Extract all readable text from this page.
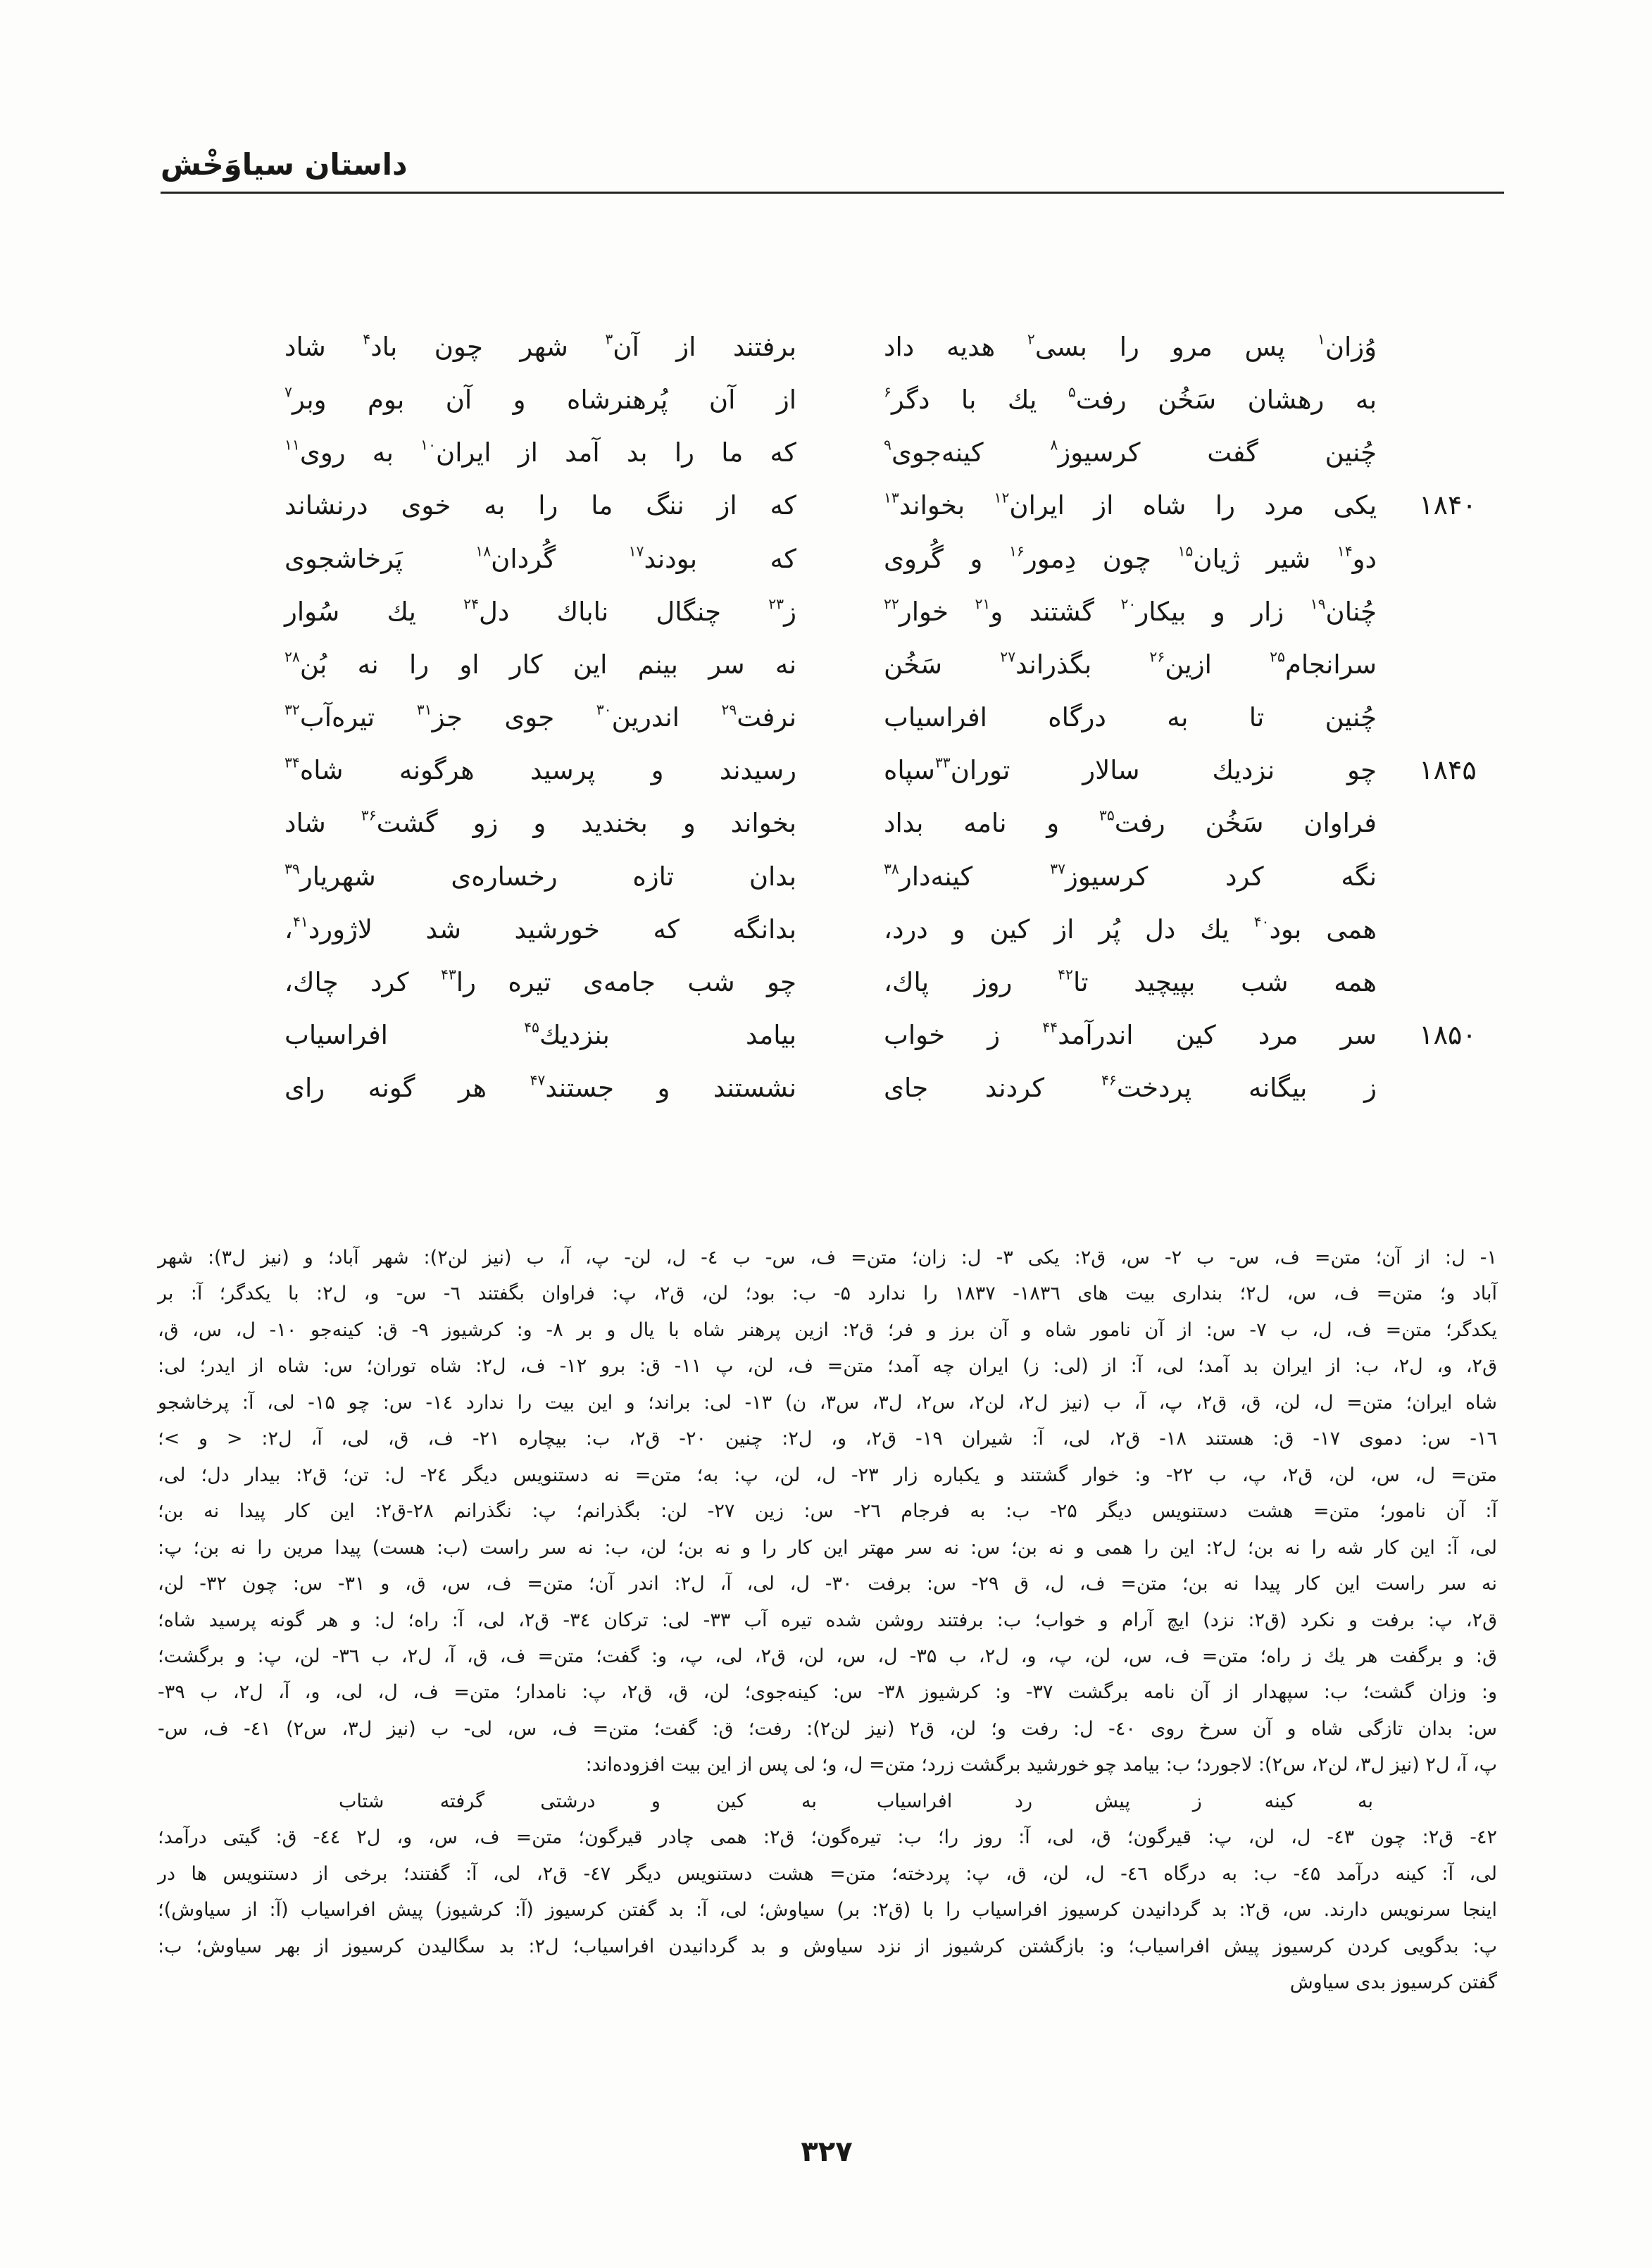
داستان سیاوَخْش
وُزان$^۱$ پس مرو را بسی$^۲$ هدیه داد
برفتند از آن$^۳$ شهر چون باد$^۴$ شاد
به رهشان سَخُن رفت$^۵$ یك با دگر$^۶$
از آن پُرهنرشاه و آن بوم وبر$^۷$
چُنین گفت کرسیوز$^۸$ کینه‌جوی$^۹$
که ما را بد آمد از ایران$^{۱۰}$ به روی$^{۱۱}$
۱۸۴۰
یکی مرد را شاه از ایران$^{۱۲}$ بخواند$^{۱۳}$
که از ننگ ما را به خوی درنشاند
دو$^{۱۴}$ شیر ژیان$^{۱۵}$ چون دِمور$^{۱۶}$ و گُروی
که بودند$^{۱۷}$ گُردان$^{۱۸}$ پَرخاشجوی
چُنان$^{۱۹}$ زار و بیکار$^{۲۰}$ گشتند و$^{۲۱}$ خوار$^{۲۲}$
ز$^{۲۳}$ چنگال ناباك دل$^{۲۴}$ یك سُوار
سرانجام$^{۲۵}$ ازین$^{۲۶}$ بگذراند$^{۲۷}$ سَخُن
نه سر بینم این کار او را نه بُن$^{۲۸}$
چُنین تا به درگاه افراسیاب
نرفت$^{۲۹}$ اندرین$^{۳۰}$ جوی جز$^{۳۱}$ تیره‌آب$^{۳۲}$
۱۸۴۵
چو نزدیك سالار توران$^{۳۳}$سپاه
رسیدند و پرسید هرگونه شاه$^{۳۴}$
فراوان سَخُن رفت$^{۳۵}$ و نامه بداد
بخواند و بخندید و زو گشت$^{۳۶}$ شاد
نگه کرد کرسیوز$^{۳۷}$ کینه‌دار$^{۳۸}$
بدان تازه رخساره‌ی شهریار$^{۳۹}$
همی بود$^{۴۰}$ یك دل پُر از کین و درد،
بدانگه که خورشید شد لاژورد$^{۴۱}$،
همه شب بپیچید تا$^{۴۲}$ روز پاك،
چو شب جامه‌ی تیره را$^{۴۳}$ کرد چاك،
۱۸۵۰
سر مرد کین اندرآمد$^{۴۴}$ ز خواب
بیامد بنزدیك$^{۴۵}$ افراسیاب
ز بیگانه پردخت$^{۴۶}$ کردند جای
نشستند و جستند$^{۴۷}$ هر گونه رای
۱- ل: از آن؛ متن= ف، س- ب ۲- س، ق۲: یکی ۳- ل: زان؛ متن= ف، س- ب ٤- ل، لن- پ، آ، ب (نیز لن۲): شهر آباد؛ و (نیز ل۳): شهر
آباد و؛ متن= ف، س، ل۲؛ بنداری بیت های ۱۸۳٦- ۱۸۳۷ را ندارد ۵- ب: بود؛ لن، ق۲، پ: فراوان بگفتند ٦- س- و، ل۲: با یکدگر؛ آ: بر
یکدگر؛ متن= ف، ل، ب ۷- س: از آن نامور شاه و آن برز و فر؛ ق۲: ازین پرهنر شاه با یال و بر ۸- و: کرشیوز ۹- ق: کینه‌جو ۱۰- ل، س، ق،
ق۲، و، ل۲، ب: از ایران بد آمد؛ لی، آ: از (لی: ز) ایران چه آمد؛ متن= ف، لن، پ ۱۱- ق: برو ۱۲- ف، ل۲: شاه توران؛ س: شاه از ایدر؛ لی:
شاه ایران؛ متن= ل، لن، ق، ق۲، پ، آ، ب (نیز ل۲، لن۲، س۲، ل۳، س۳، ن) ۱۳- لی: براند؛ و این بیت را ندارد ۱٤- س: چو ۱۵- لی، آ: پرخاشجو
۱٦- س: دموی ۱۷- ق: هستند ۱۸- ق۲، لی، آ: شیران ۱۹- ق۲، و، ل۲: چنین ۲۰- ق۲، ب: بیچاره ۲۱- ف، ق، لی، آ، ل۲: < و >؛
متن= ل، س، لن، ق۲، پ، ب ۲۲- و: خوار گشتند و یکباره زار ۲۳- ل، لن، پ: به؛ متن= نه دستنویس دیگر ۲٤- ل: تن؛ ق۲: بیدار دل؛ لی،
آ: آن نامور؛ متن= هشت دستنویس دیگر ۲۵- ب: به فرجام ۲٦- س: زین ۲۷- لن: بگذرانم؛ پ: نگذرانم ۲۸-ق۲: این کار پیدا نه بن؛
لی، آ: این کار شه را نه بن؛ ل۲: این را همی و نه بن؛ س: نه سر مهتر این کار را و نه بن؛ لن، ب: نه سر راست (ب: هست) پیدا مرین را نه بن؛ پ:
نه سر راست این کار پیدا نه بن؛ متن= ف، ل، ق ۲۹- س: برفت ۳۰- ل، لی، آ، ل۲: اندر آن؛ متن= ف، س، ق، و ۳۱- س: چون ۳۲- لن،
ق۲، پ: برفت و نکرد (ق۲: نزد) ایچ آرام و خواب؛ ب: برفتند روشن شده تیره آب ۳۳- لی: ترکان ۳٤- ق۲، لی، آ: راه؛ ل: و هر گونه پرسید شاه؛
ق: و برگفت هر یك ز راه؛ متن= ف، س، لن، پ، و، ل۲، ب ۳۵- ل، س، لن، ق۲، لی، پ، و: گفت؛ متن= ف، ق، آ، ل۲، ب ۳٦- لن، پ: و برگشت؛
و: وزان گشت؛ ب: سپهدار از آن نامه برگشت ۳۷- و: کرشیوز ۳۸- س: کینه‌جوی؛ لن، ق، ق۲، پ: نامدار؛ متن= ف، ل، لی، و، آ، ل۲، ب ۳۹-
س: بدان تازگی شاه و آن سرخ روی ٤۰- ل: رفت و؛ لن، ق۲ (نیز لن۲): رفت؛ ق: گفت؛ متن= ف، س، لی- ب (نیز ل۳، س۲) ٤۱- ف، س-
پ، آ، ل۲ (نیز ل۳، لن۲، س۲): لاجورد؛ ب: بیامد چو خورشید برگشت زرد؛ متن= ل، و؛ لی پس از این بیت افزوده‌اند:
به کینه ز پیش رد افراسیاب
به کین و درشتی گرفته شتاب
٤۲- ق۲: چون ٤۳- ل، لن، پ: قیرگون؛ ق، لی، آ: روز را؛ ب: تیره‌گون؛ ق۲: همی چادر قیرگون؛ متن= ف، س، و، ل۲ ٤٤- ق: گیتی درآمد؛
لی، آ: کینه درآمد ٤۵- ب: به درگاه ٤٦- ل، لن، ق، پ: پردخته؛ متن= هشت دستنویس دیگر ٤۷- ق۲، لی، آ: گفتند؛ برخی از دستنویس ها در
اینجا سرنویس دارند. س، ق۲: بد گردانیدن کرسیوز افراسیاب را با (ق۲: بر) سیاوش؛ لی، آ: بد گفتن کرسیوز (آ: کرشیوز) پیش افراسیاب (آ: از سیاوش)؛
پ: بدگویی کردن کرسیوز پیش افراسیاب؛ و: بازگشتن کرشیوز از نزد سیاوش و بد گردانیدن افراسیاب؛ ل۲: بد سگالیدن کرسیوز از بهر سیاوش؛ ب:
گفتن کرسیوز بدی سیاوش
۳۲۷
